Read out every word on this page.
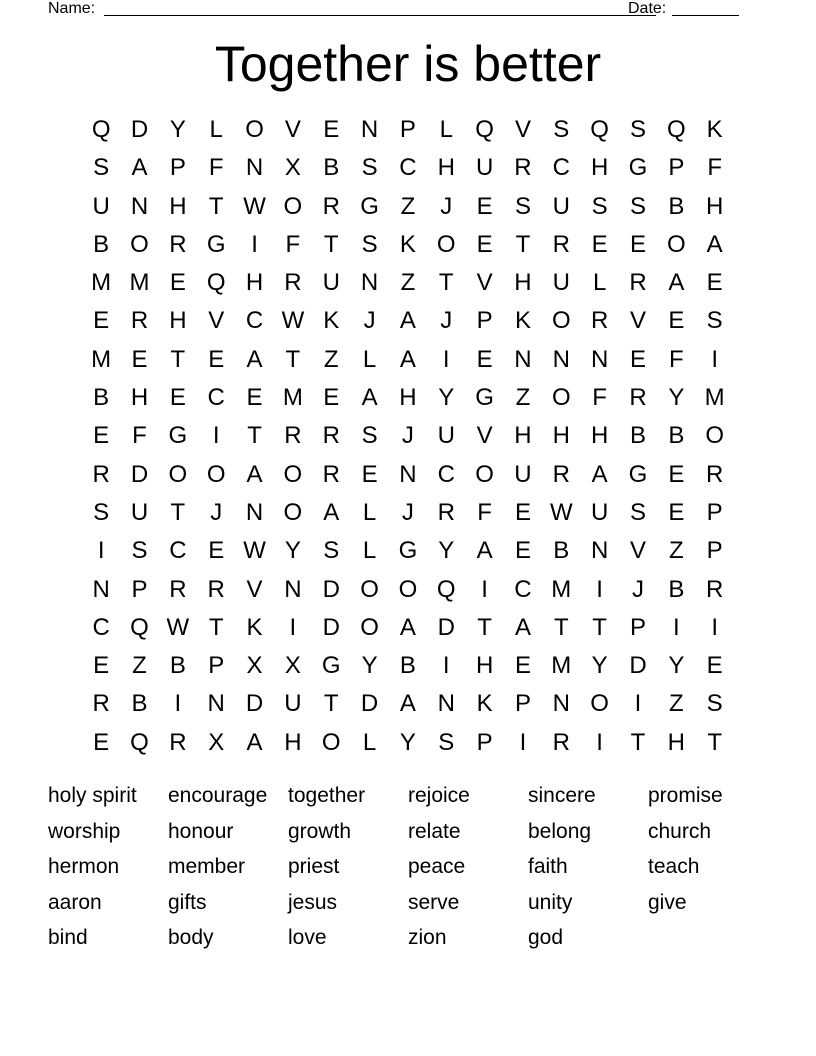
Name:	Date:
Together is better
Q D Y L O V E N P L Q V S Q S Q K
S A P F N X B S C H U R C H G P F
U N H T W O R G Z	J	E S U S S B H
B O R G	I	F T S K O E T R E E O A
M M E Q H R U N Z T V H U L R A E
E R H V C W K	J	A	J	P K O R V E S
M E T E A T Z	L A	I	E N N N E F	I
B H E C E M E A H Y G Z O F R Y M
E F G	I	T R R S	J U V H H H B B O
R D O O A O R E N C O U R A G E R
S U T	J N O A L	J R F E W U S E P
I	S C E W Y S L G Y A E B N V Z P
N P R R V N D O O Q	I	C M	I	J	B R
C Q W T K	I	D O A D T A T T P	I	I
E Z B P X X G Y B	I	H E M Y D Y E
R B	I	N D U T D A N K P N O	I	Z S
E Q R X A H O L Y S P	I	R	I	T H T
holy spirit	encourage together	rejoice	sincere	promise
worship	honour	growth	relate	belong	church
hermon	member	priest	peace	faith	teach
aaron	gifts	jesus	serve	unity	give
bind	body	love	zion	god
